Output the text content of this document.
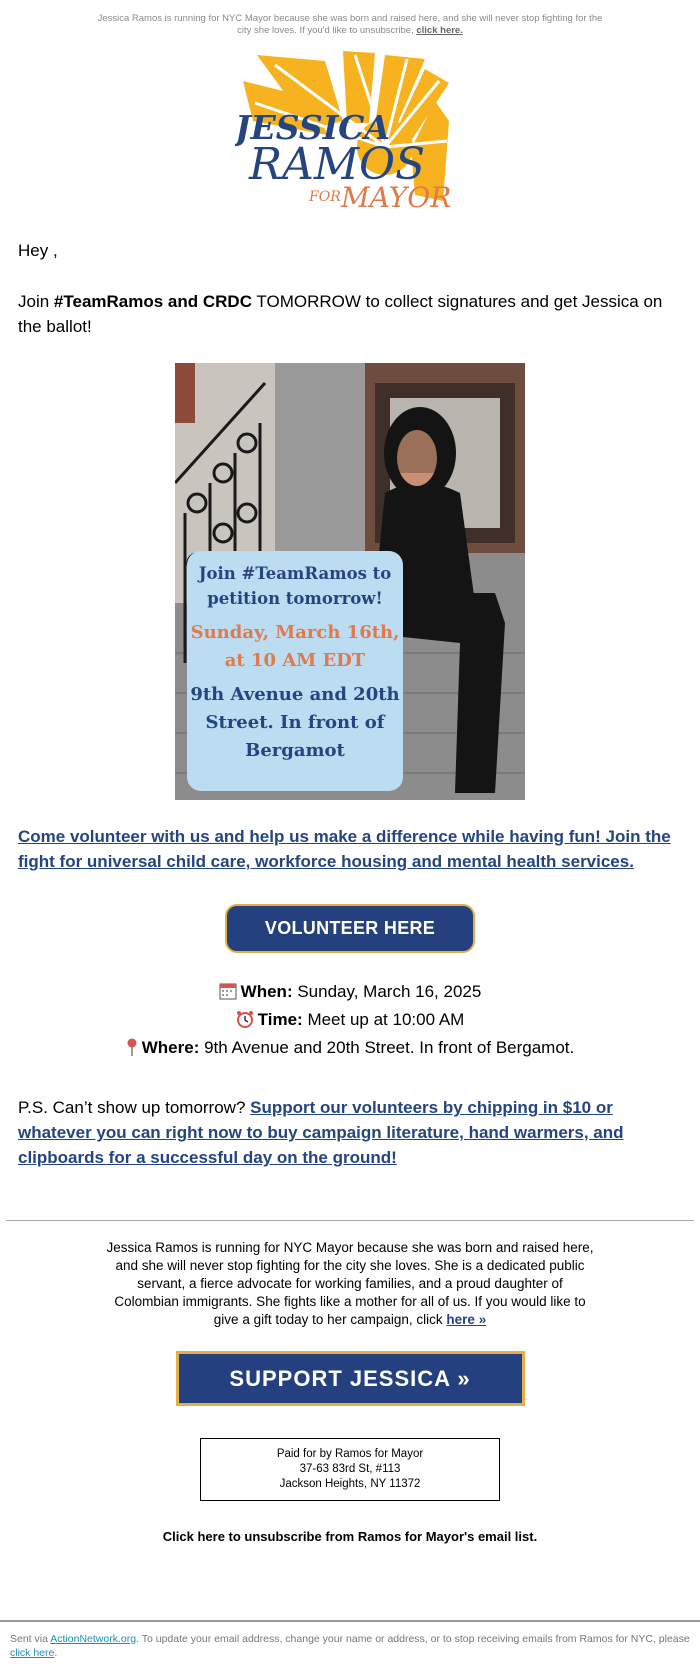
Jessica Ramos is running for NYC Mayor because she was born and raised here, and she will never stop fighting for the city she loves. If you'd like to unsubscribe, click here.
JESSICA
RAMOS
FOR MAYOR

Hey ,

Join #TeamRamos and CRDC TOMORROW to collect signatures and get Jessica on the ballot!

Join #TeamRamos to petition tomorrow!
Sunday, March 16th, at 10 AM EDT
9th Avenue and 20th Street. In front of Bergamot

Come volunteer with us and help us make a difference while having fun! Join the fight for universal child care, workforce housing and mental health services.

VOLUNTEER HERE
When: Sunday, March 16, 2025
Time: Meet up at 10:00 AM
Where: 9th Avenue and 20th Street. In front of Bergamot.

P.S. Can’t show up tomorrow? Support our volunteers by chipping in $10 or whatever you can right now to buy campaign literature, hand warmers, and clipboards for a successful day on the ground!

Jessica Ramos is running for NYC Mayor because she was born and raised here, and she will never stop fighting for the city she loves. She is a dedicated public servant, a fierce advocate for working families, and a proud daughter of Colombian immigrants. She fights like a mother for all of us. If you would like to give a gift today to her campaign, click here »

SUPPORT JESSICA »
Paid for by Ramos for Mayor
37-63 83rd St, #113
Jackson Heights, NY 11372

Click here to unsubscribe from Ramos for Mayor's email list.

Sent via ActionNetwork.org. To update your email address, change your name or address, or to stop receiving emails from Ramos for NYC, please click here.
